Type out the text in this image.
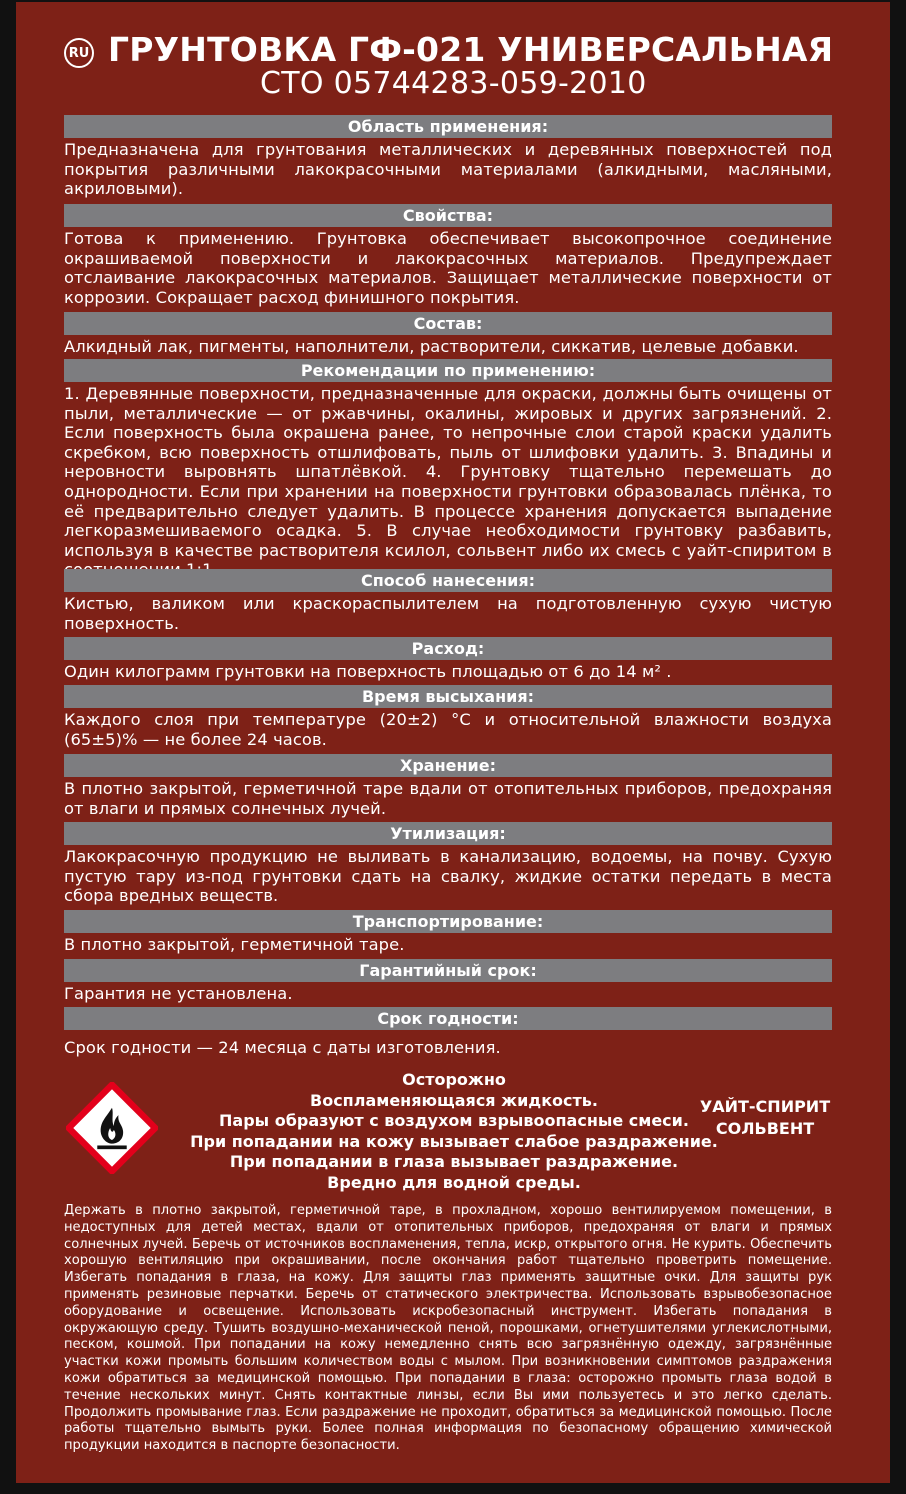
RU ГРУНТОВКА ГФ-021 УНИВЕРСАЛЬНАЯ
СТО 05744283-059-2010
Область применения:
Предназначена для грунтования металлических и деревянных поверхностей под покрытия различными лакокрасочными материалами (алкидными, масляными, акриловыми).
Свойства:
Готова к применению. Грунтовка обеспечивает высокопрочное соединение окрашиваемой поверхности и лакокрасочных материалов. Предупреждает отслаивание лакокрасочных материалов. Защищает металлические поверхности от коррозии. Сокращает расход финишного покрытия.
Состав:
Алкидный лак, пигменты, наполнители, растворители, сиккатив, целевые добавки.
Рекомендации по применению:
1. Деревянные поверхности, предназначенные для окраски, должны быть очищены от пыли, металлические — от ржавчины, окалины, жировых и других загрязнений. 2. Если поверхность была окрашена ранее, то непрочные слои старой краски удалить скребком, всю поверхность отшлифовать, пыль от шлифовки удалить. 3. Впадины и неровности выровнять шпатлёвкой. 4. Грунтовку тщательно перемешать до однородности. Если при хранении на поверхности грунтовки образовалась плёнка, то её предварительно следует удалить. В процессе хранения допускается выпадение легкоразмешиваемого осадка. 5. В случае необходимости грунтовку разбавить, используя в качестве растворителя ксилол, сольвент либо их смесь с уайт-спиритом в
Способ нанесения:
Кистью, валиком или краскораспылителем на подготовленную сухую чистую поверхность.
Расход:
Один килограмм грунтовки на поверхность площадью от 6 до 14 м² .
Время высыхания:
Каждого слоя при температуре (20±2) °С и относительной влажности воздуха (65±5)% — не более 24 часов.
Хранение:
В плотно закрытой, герметичной таре вдали от отопительных приборов, предохраняя от влаги и прямых солнечных лучей.
Утилизация:
Лакокрасочную продукцию не выливать в канализацию, водоемы, на почву. Сухую пустую тару из-под грунтовки сдать на свалку, жидкие остатки передать в места сбора вредных веществ.
Транспортирование:
В плотно закрытой, герметичной таре.
Гарантийный срок:
Гарантия не установлена.
Срок годности:
Срок годности — 24 месяца с даты изготовления.
Осторожно
Воспламеняющаяся жидкость.
Пары образуют с воздухом взрывоопасные смеси.
При попадании на кожу вызывает слабое раздражение.
При попадании в глаза вызывает раздражение.
Вредно для водной среды.
УАЙТ-СПИРИТ
СОЛЬВЕНТ
Держать в плотно закрытой, герметичной таре, в прохладном, хорошо вентилируемом помещении, в недоступных для детей местах, вдали от отопительных приборов, предохраняя от влаги и прямых солнечных лучей. Беречь от источников воспламенения, тепла, искр, открытого огня. Не курить. Обеспечить хорошую вентиляцию при окрашивании, после окончания работ тщательно проветрить помещение. Избегать попадания в глаза, на кожу. Для защиты глаз применять защитные очки. Для защиты рук применять резиновые перчатки. Беречь от статического электричества. Использовать взрывобезопасное оборудование и освещение. Использовать искробезопасный инструмент. Избегать попадания в окружающую среду. Тушить воздушно-механической пеной, порошками, огнетушителями углекислотными, песком, кошмой. При попадании на кожу немедленно снять всю загрязнённую одежду, загрязнённые участки кожи промыть большим количеством воды с мылом. При возникновении симптомов раздражения кожи обратиться за медицинской помощью. При попадании в глаза: осторожно промыть глаза водой в течение нескольких минут. Снять контактные линзы, если Вы ими пользуетесь и это легко сделать. Продолжить промывание глаз. Если раздражение не проходит, обратиться за медицинской помощью. После работы тщательно вымыть руки. Более полная информация по безопасному обращению химической продукции находится в паспорте безопасности.
